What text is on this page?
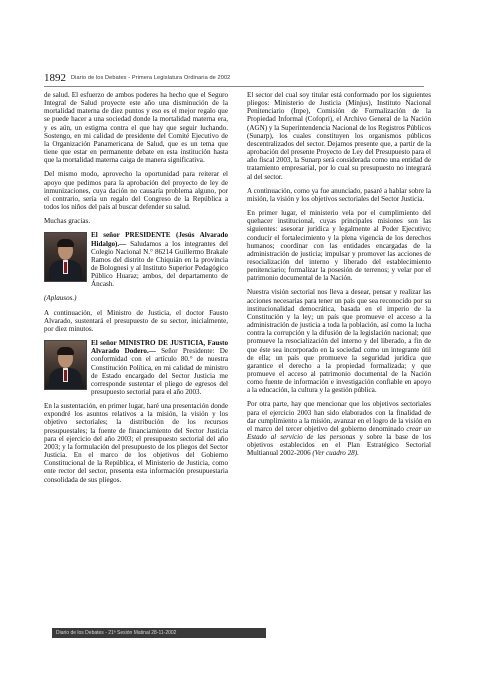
1892 Diario de los Debates - Primera Legislatura Ordinaria de 2002

de salud. El esfuerzo de ambos poderes ha hecho que el Seguro Integral de Salud proyecte este año una disminución de la mortalidad materna de diez puntos y eso es el mejor regalo que se puede hacer a una sociedad donde la mortalidad materna era, y es aún, un estigma contra el que hay que seguir luchando. Sostengo, en mi calidad de presidente del Comité Ejecutivo de la Organización Panamericana de Salud, que es un tema que tiene que estar en permanente debate en esta institución hasta que la mortalidad materna caiga de manera significativa.

Del mismo modo, aprovecho la oportunidad para reiterar el apoyo que pedimos para la aprobación del proyecto de ley de inmunizaciones, cuya dación no causaría problema alguno, por el contrario, sería un regalo del Congreso de la República a todos los niños del país al buscar defender su salud.

Muchas gracias.

El señor PRESIDENTE (Jesús Alvarado Hidalgo).— Saludamos a los integrantes del Colegio Nacional N.° 86214 Guillermo Brakale Ramos del distrito de Chiquián en la provincia de Bolognesi y al Instituto Superior Pedagógico Público Huaraz; ambos, del departamento de Áncash.

(Aplausos.)

A continuación, el Ministro de Justicia, el doctor Fausto Alvarado, sustentará el presupuesto de su sector, inicialmente, por diez minutos.

El señor MINISTRO DE JUSTICIA, Fausto Alvarado Dodero.— Señor Presidente: De conformidad con el artículo 80.° de nuestra Constitución Política, en mi calidad de ministro de Estado encargado del Sector Justicia me corresponde sustentar el pliego de egresos del presupuesto sectorial para el año 2003.

En la sustentación, en primer lugar, haré una presentación donde expondré los asuntos relativos a la misión, la visión y los objetivo sectoriales; la distribución de los recursos presupuestales; la fuente de financiamiento del Sector Justicia para el ejercicio del año 2003; el presupuesto sectorial del año 2003; y la formulación del presupuesto de los pliegos del Sector Justicia. En el marco de los objetivos del Gobierno Constitucional de la República, el Ministerio de Justicia, como ente rector del sector, presenta esta información presupuestaria consolidada de sus pliegos.

El sector del cual soy titular está conformado por los siguientes pliegos: Ministerio de Justicia (Minjus), Instituto Nacional Penitenciario (Inpe), Comisión de Formalización de la Propiedad Informal (Cofopri), el Archivo General de la Nación (AGN) y la Superintendencia Nacional de los Registros Públicos (Sunarp), los cuales constituyen los organismos públicos descentralizados del sector. Dejamos presente que, a partir de la aprobación del presente Proyecto de Ley del Presupuesto para el año fiscal 2003, la Sunarp será considerada como una entidad de tratamiento empresarial, por lo cual su presupuesto no integrará al del sector.

A continuación, como ya fue anunciado, pasaré a hablar sobre la misión, la visión y los objetivos sectoriales del Sector Justicia.

En primer lugar, el ministerio vela por el cumplimiento del quehacer institucional, cuyas principales misiones son las siguientes: asesorar jurídica y legalmente al Poder Ejecutivo; conducir el fortalecimiento y la plena vigencia de los derechos humanos; coordinar con las entidades encargadas de la administración de justicia; impulsar y promover las acciones de resocialización del interno y liberado del establecimiento penitenciario; formalizar la posesión de terrenos; y velar por el patrimonio documental de la Nación.

Nuestra visión sectorial nos lleva a desear, pensar y realizar las acciones necesarias para tener un país que sea reconocido por su institucionalidad democrática, basada en el imperio de la Constitución y la ley; un país que promueve el acceso a la administración de justicia a toda la población, así como la lucha contra la corrupción y la difusión de la legislación nacional; que promueve la resocialización del interno y del liberado, a fin de que éste sea incorporado en la sociedad como un integrante útil de ella; un país que promueve la seguridad jurídica que garantice el derecho a la propiedad formalizada; y que promueve el acceso al patrimonio documental de la Nación como fuente de información e investigación confiable en apoyo a la educación, la cultura y la gestión pública.

Por otra parte, hay que mencionar que los objetivos sectoriales para el ejercicio 2003 han sido elaborados con la finalidad de dar cumplimiento a la misión, avanzar en el logro de la visión en el marco del tercer objetivo del gobierno denominado crear un Estado al servicio de las personas y sobre la base de los objetivos establecidos en el Plan Estratégico Sectorial Multianual 2002-2006 (Ver cuadro 28).

Diario de los Debates - 21ª Sesión Matinal 28-11-2002
